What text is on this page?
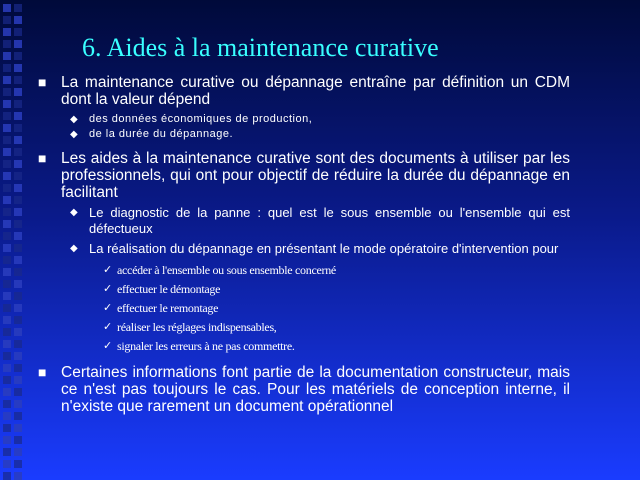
6. Aides à la maintenance curative
■ La maintenance curative ou dépannage entraîne par définition un CDM dont la valeur dépend
◆ des données économiques de production,
◆ de la durée du dépannage.
■ Les aides à la maintenance curative sont des documents à utiliser par les professionnels, qui ont pour objectif de réduire la durée du dépannage en facilitant
◆ Le diagnostic de la panne : quel est le sous ensemble ou l'ensemble qui est défectueux
◆ La réalisation du dépannage en présentant le mode opératoire d'intervention pour
✓ accéder à l'ensemble ou sous ensemble concerné
✓ effectuer le démontage
✓ effectuer le remontage
✓ réaliser les réglages indispensables,
✓ signaler les erreurs à ne pas commettre.
■ Certaines informations font partie de la documentation constructeur, mais ce n'est pas toujours le cas. Pour les matériels de conception interne, il n'existe que rarement un document opérationnel
